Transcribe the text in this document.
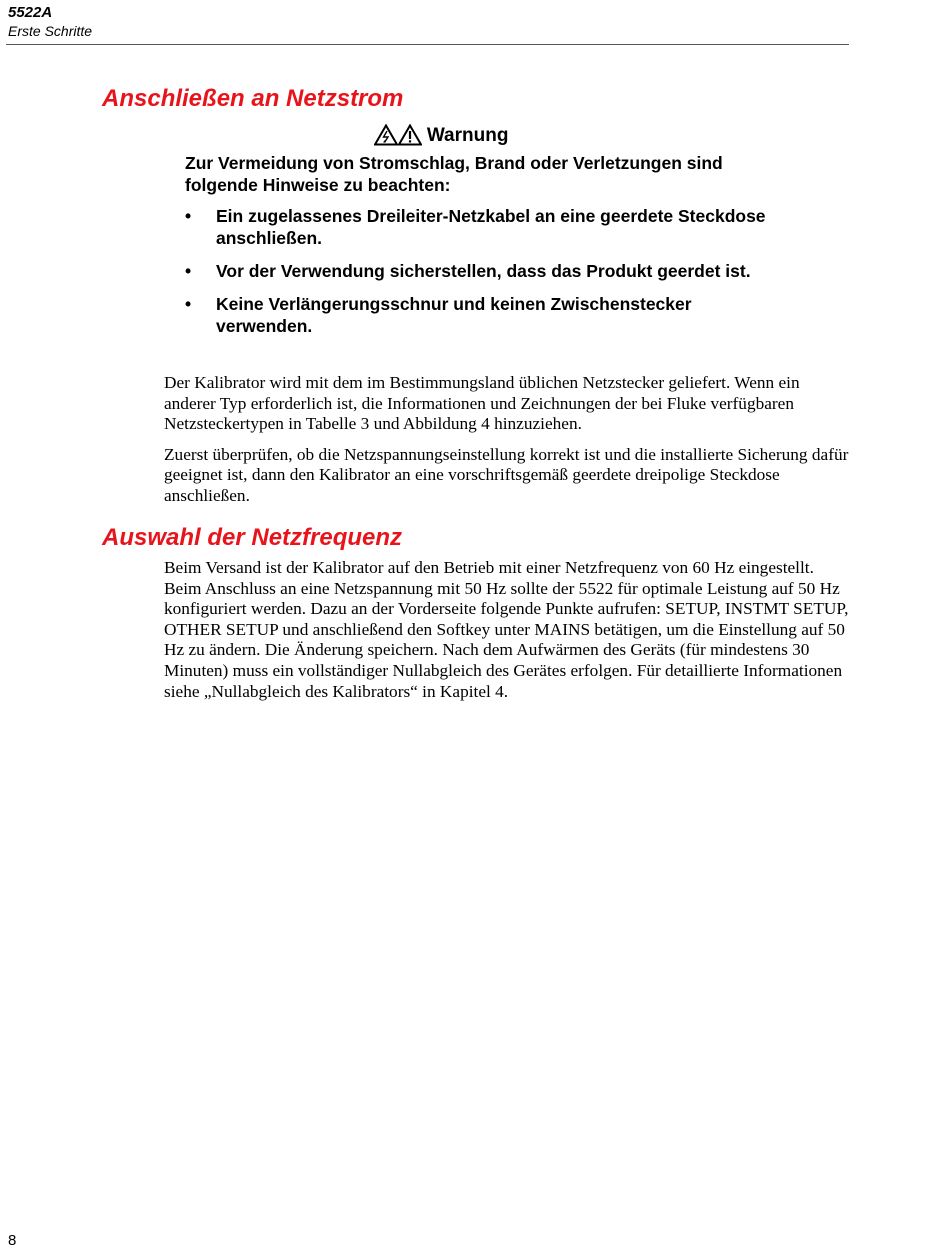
5522A
Erste Schritte
Anschließen an Netzstrom
Warnung
Zur Vermeidung von Stromschlag, Brand oder Verletzungen sind folgende Hinweise zu beachten:
• Ein zugelassenes Dreileiter-Netzkabel an eine geerdete Steckdose anschließen.
• Vor der Verwendung sicherstellen, dass das Produkt geerdet ist.
• Keine Verlängerungsschnur und keinen Zwischenstecker verwenden.

Der Kalibrator wird mit dem im Bestimmungsland üblichen Netzstecker geliefert. Wenn ein anderer Typ erforderlich ist, die Informationen und Zeichnungen der bei Fluke verfügbaren Netzsteckertypen in Tabelle 3 und Abbildung 4 hinzuziehen.

Zuerst überprüfen, ob die Netzspannungseinstellung korrekt ist und die installierte Sicherung dafür geeignet ist, dann den Kalibrator an eine vorschriftsgemäß geerdete dreipolige Steckdose anschließen.

Auswahl der Netzfrequenz

Beim Versand ist der Kalibrator auf den Betrieb mit einer Netzfrequenz von 60 Hz eingestellt. Beim Anschluss an eine Netzspannung mit 50 Hz sollte der 5522 für optimale Leistung auf 50 Hz konfiguriert werden. Dazu an der Vorderseite folgende Punkte aufrufen: SETUP, INSTMT SETUP, OTHER SETUP und anschließend den Softkey unter MAINS betätigen, um die Einstellung auf 50 Hz zu ändern. Die Änderung speichern. Nach dem Aufwärmen des Geräts (für mindestens 30 Minuten) muss ein vollständiger Nullabgleich des Gerätes erfolgen. Für detaillierte Informationen siehe „Nullabgleich des Kalibrators“ in Kapitel 4.

8
